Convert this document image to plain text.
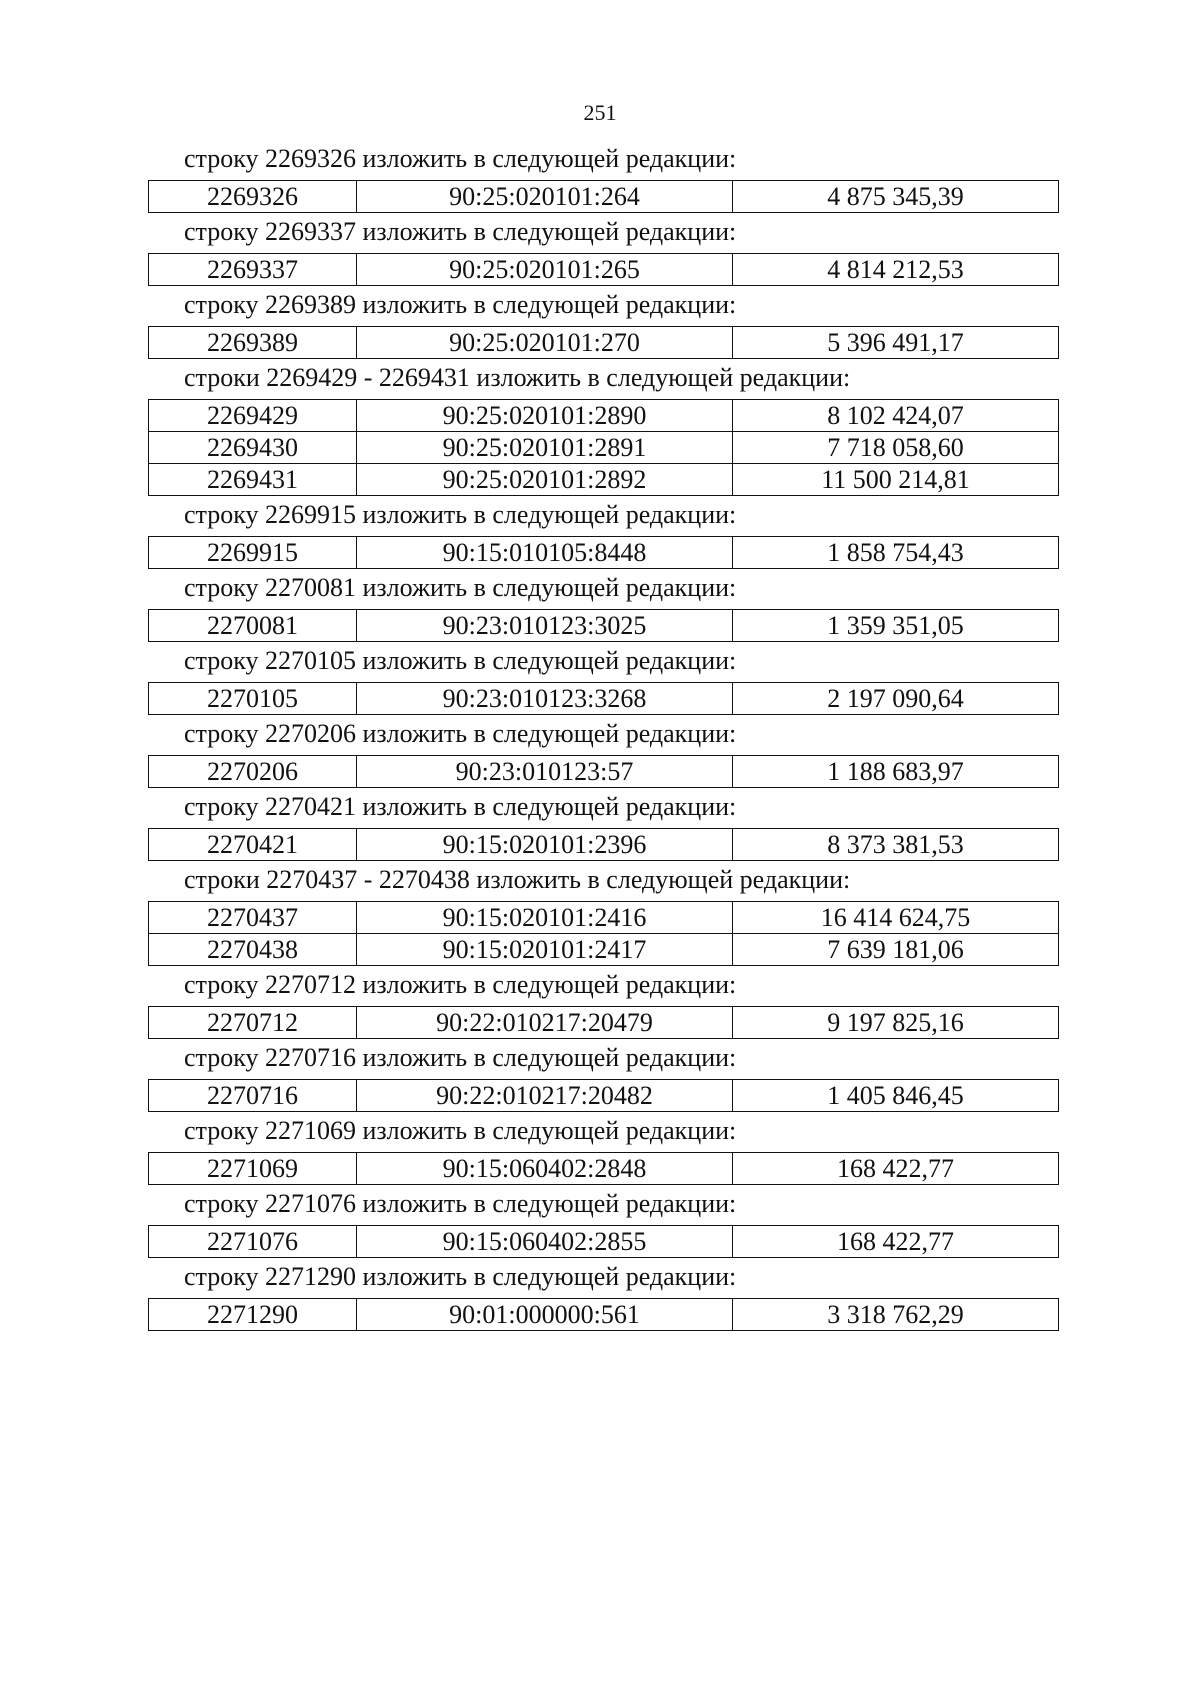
251
строку 2269326 изложить в следующей редакции:
2269326	90:25:020101:264	4 875 345,39
строку 2269337 изложить в следующей редакции:
2269337	90:25:020101:265	4 814 212,53
строку 2269389 изложить в следующей редакции:
2269389	90:25:020101:270	5 396 491,17
строки 2269429 - 2269431 изложить в следующей редакции:
2269429	90:25:020101:2890	8 102 424,07
2269430	90:25:020101:2891	7 718 058,60
2269431	90:25:020101:2892	11 500 214,81
строку 2269915 изложить в следующей редакции:
2269915	90:15:010105:8448	1 858 754,43
строку 2270081 изложить в следующей редакции:
2270081	90:23:010123:3025	1 359 351,05
строку 2270105 изложить в следующей редакции:
2270105	90:23:010123:3268	2 197 090,64
строку 2270206 изложить в следующей редакции:
2270206	90:23:010123:57	1 188 683,97
строку 2270421 изложить в следующей редакции:
2270421	90:15:020101:2396	8 373 381,53
строки 2270437 - 2270438 изложить в следующей редакции:
2270437	90:15:020101:2416	16 414 624,75
2270438	90:15:020101:2417	7 639 181,06
строку 2270712 изложить в следующей редакции:
2270712	90:22:010217:20479	9 197 825,16
строку 2270716 изложить в следующей редакции:
2270716	90:22:010217:20482	1 405 846,45
строку 2271069 изложить в следующей редакции:
2271069	90:15:060402:2848	168 422,77
строку 2271076 изложить в следующей редакции:
2271076	90:15:060402:2855	168 422,77
строку 2271290 изложить в следующей редакции:
2271290	90:01:000000:561	3 318 762,29
